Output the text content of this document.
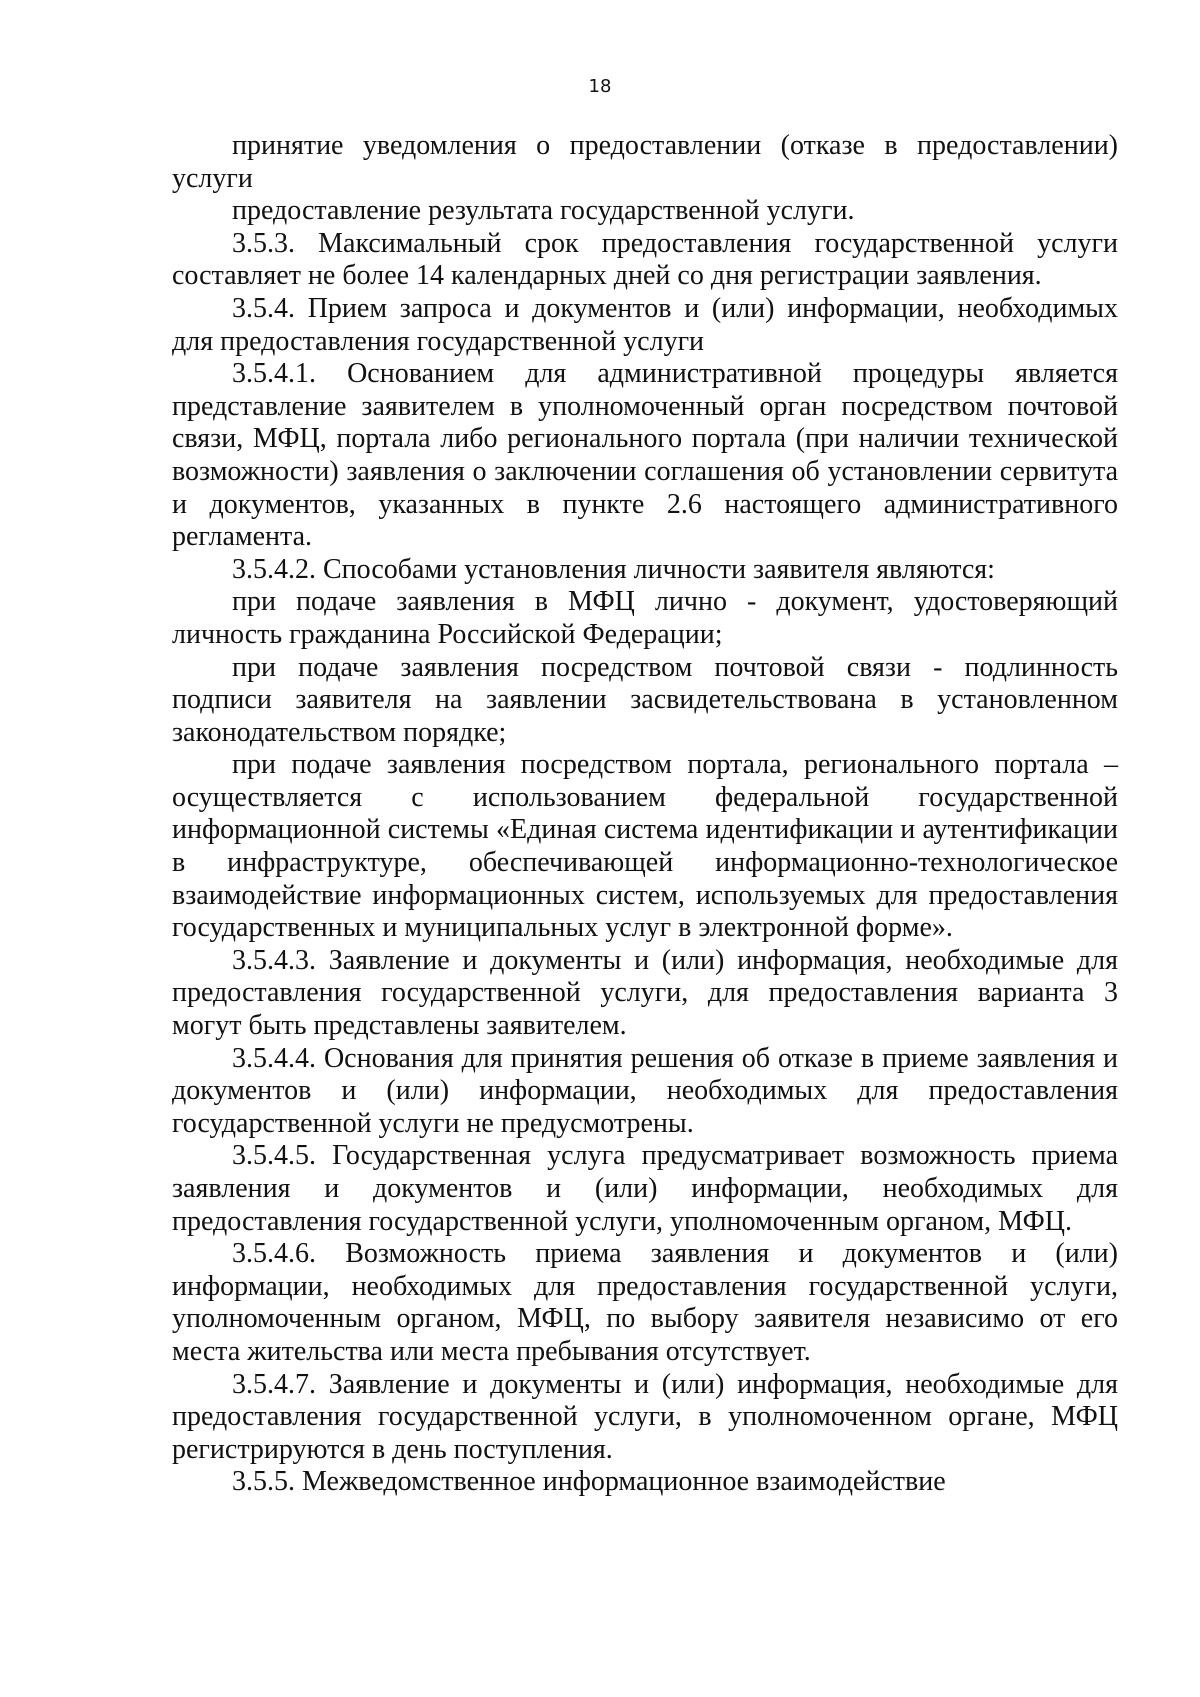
18

принятие уведомления о предоставлении (отказе в предоставлении) услуги

предоставление результата государственной услуги.

3.5.3. Максимальный срок предоставления государственной услуги составляет не более 14 календарных дней со дня регистрации заявления.

3.5.4. Прием запроса и документов и (или) информации, необходимых для предоставления государственной услуги

3.5.4.1. Основанием для административной процедуры является представление заявителем в уполномоченный орган посредством почтовой связи, МФЦ, портала либо регионального портала (при наличии технической возможности) заявления о заключении соглашения об установлении сервитута и документов, указанных в пункте 2.6 настоящего административного регламента.

3.5.4.2. Способами установления личности заявителя являются:

при подаче заявления в МФЦ лично - документ, удостоверяющий личность гражданина Российской Федерации;

при подаче заявления посредством почтовой связи - подлинность подписи заявителя на заявлении засвидетельствована в установленном законодательством порядке;

при подаче заявления посредством портала, регионального портала – осуществляется с использованием федеральной государственной информационной системы «Единая система идентификации и аутентификации в инфраструктуре, обеспечивающей информационно-технологическое взаимодействие информационных систем, используемых для предоставления государственных и муниципальных услуг в электронной форме».

3.5.4.3. Заявление и документы и (или) информация, необходимые для предоставления государственной услуги, для предоставления варианта 3 могут быть представлены заявителем.

3.5.4.4. Основания для принятия решения об отказе в приеме заявления и документов и (или) информации, необходимых для предоставления государственной услуги не предусмотрены.

3.5.4.5. Государственная услуга предусматривает возможность приема заявления и документов и (или) информации, необходимых для предоставления государственной услуги, уполномоченным органом, МФЦ.

3.5.4.6. Возможность приема заявления и документов и (или) информации, необходимых для предоставления государственной услуги, уполномоченным органом, МФЦ, по выбору заявителя независимо от его места жительства или места пребывания отсутствует.

3.5.4.7. Заявление и документы и (или) информация, необходимые для предоставления государственной услуги, в уполномоченном органе, МФЦ регистрируются в день поступления.

3.5.5. Межведомственное информационное взаимодействие
